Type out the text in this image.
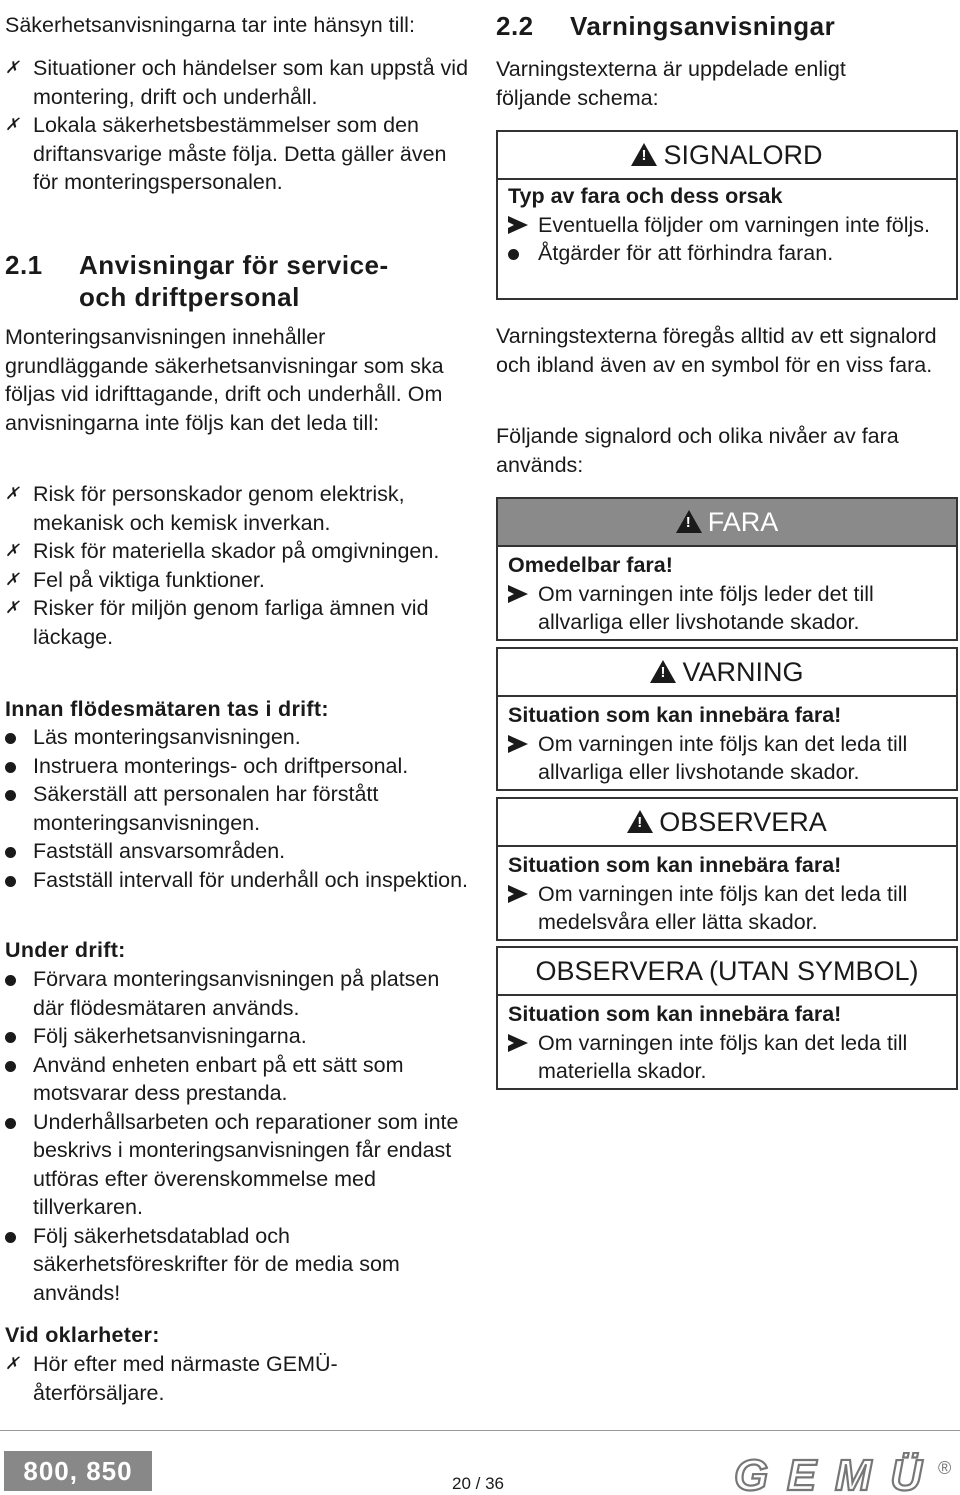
Säkerhetsanvisningarna tar inte hänsyn till:

✗ Situationer och händelser som kan uppstå vid montering, drift och underhåll.
✗ Lokala säkerhetsbestämmelser som den driftansvarige måste följa. Detta gäller även för monteringspersonalen.
2.1	Anvisningar för service- och driftpersonal

Monteringsanvisningen innehåller grundläggande säkerhetsanvisningar som ska följas vid idrifttagande, drift och underhåll. Om anvisningarna inte följs kan det leda till:

✗ Risk för personskador genom elektrisk, mekanisk och kemisk inverkan.
✗ Risk för materiella skador på omgivningen.
✗ Fel på viktiga funktioner.
✗ Risker för miljön genom farliga ämnen vid läckage.

Innan flödesmätaren tas i drift:

Läs monteringsanvisningen.
Instruera monterings- och driftpersonal.
Säkerställ att personalen har förstått monteringsanvisningen.
Fastställ ansvarsområden.
Fastställ intervall för underhåll och inspektion.

Under drift:

Förvara monteringsanvisningen på platsen där flödesmätaren används.
Följ säkerhetsanvisningarna.
Använd enheten enbart på ett sätt som motsvarar dess prestanda.
Underhållsarbeten och reparationer som inte beskrivs i monteringsanvisningen får endast utföras efter överenskommelse med tillverkaren.
Följ säkerhetsdatablad och säkerhetsföreskrifter för de media som används!

Vid oklarheter:

✗ Hör efter med närmaste GEMÜ-återförsäljare.
2.2	Varningsanvisningar

Varningstexterna är uppdelade enligt följande schema:

!SIGNALORD

Typ av fara och dess orsak

Eventuella följder om varningen inte följs.
Åtgärder för att förhindra faran.

Varningstexterna föregås alltid av ett signalord och ibland även av en symbol för en viss fara.

Följande signalord och olika nivåer av fara används:

!FARA

Omedelbar fara!

Om varningen inte följs leder det till allvarliga eller livshotande skador.
!VARNING

Situation som kan innebära fara!

Om varningen inte följs kan det leda till allvarliga eller livshotande skador.
!OBSERVERA

Situation som kan innebära fara!

Om varningen inte följs kan det leda till medelsvåra eller lätta skador.
OBSERVERA (UTAN SYMBOL)

Situation som kan innebära fara!

Om varningen inte följs kan det leda till materiella skador.
800, 850	20 / 36	GEMÜ ®
